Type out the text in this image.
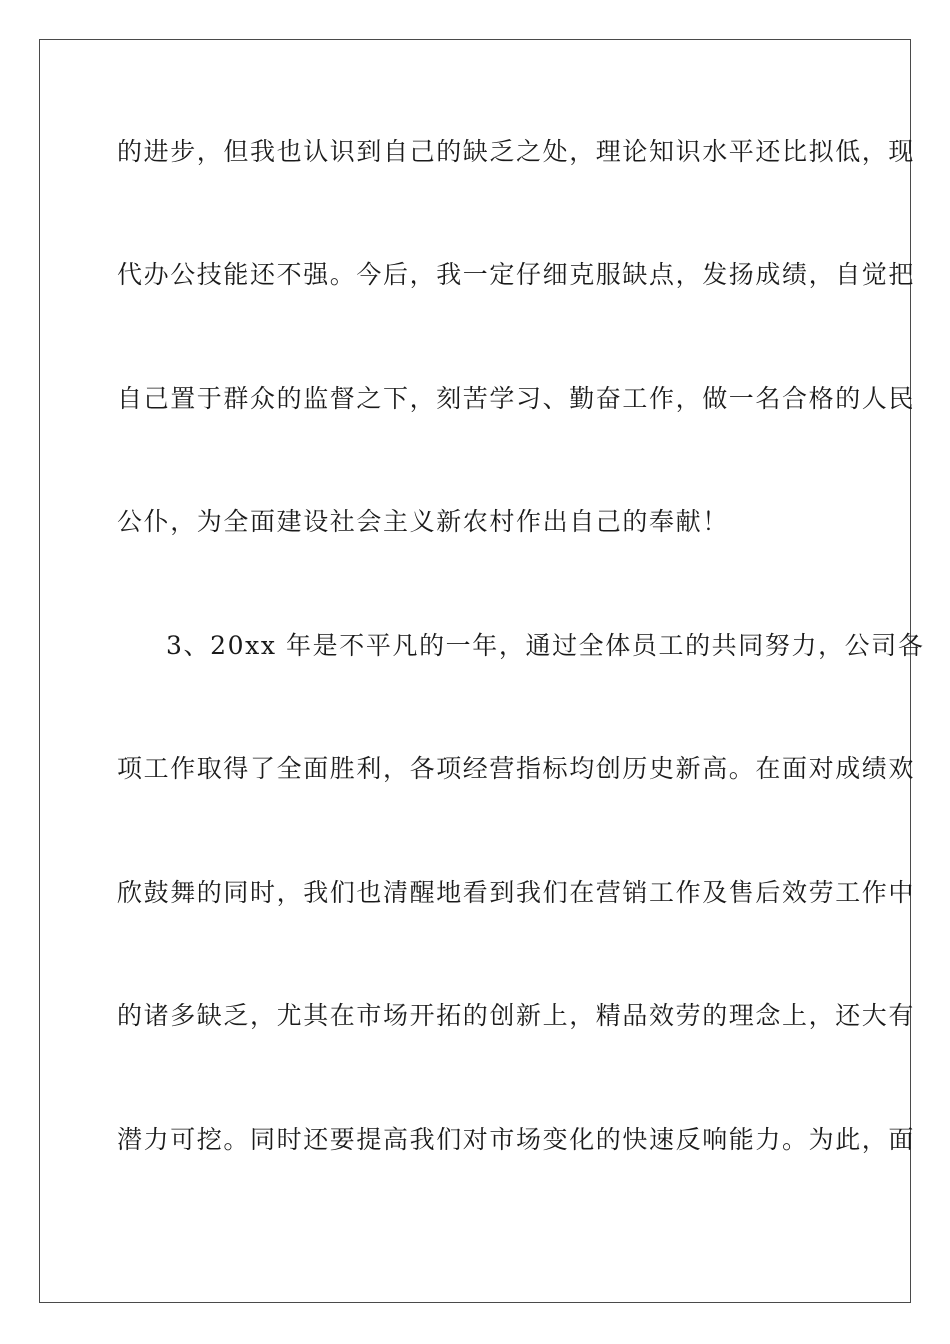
的进步，但我也认识到自己的缺乏之处，理论知识水平还比拟低，现
代办公技能还不强。今后，我一定仔细克服缺点，发扬成绩，自觉把
自己置于群众的监督之下，刻苦学习、勤奋工作，做一名合格的人民
公仆，为全面建设社会主义新农村作出自己的奉献！
3、20xx 年是不平凡的一年，通过全体员工的共同努力，公司各
项工作取得了全面胜利，各项经营指标均创历史新高。在面对成绩欢
欣鼓舞的同时，我们也清醒地看到我们在营销工作及售后效劳工作中
的诸多缺乏，尤其在市场开拓的创新上，精品效劳的理念上，还大有
潜力可挖。同时还要提高我们对市场变化的快速反响能力。为此，面
